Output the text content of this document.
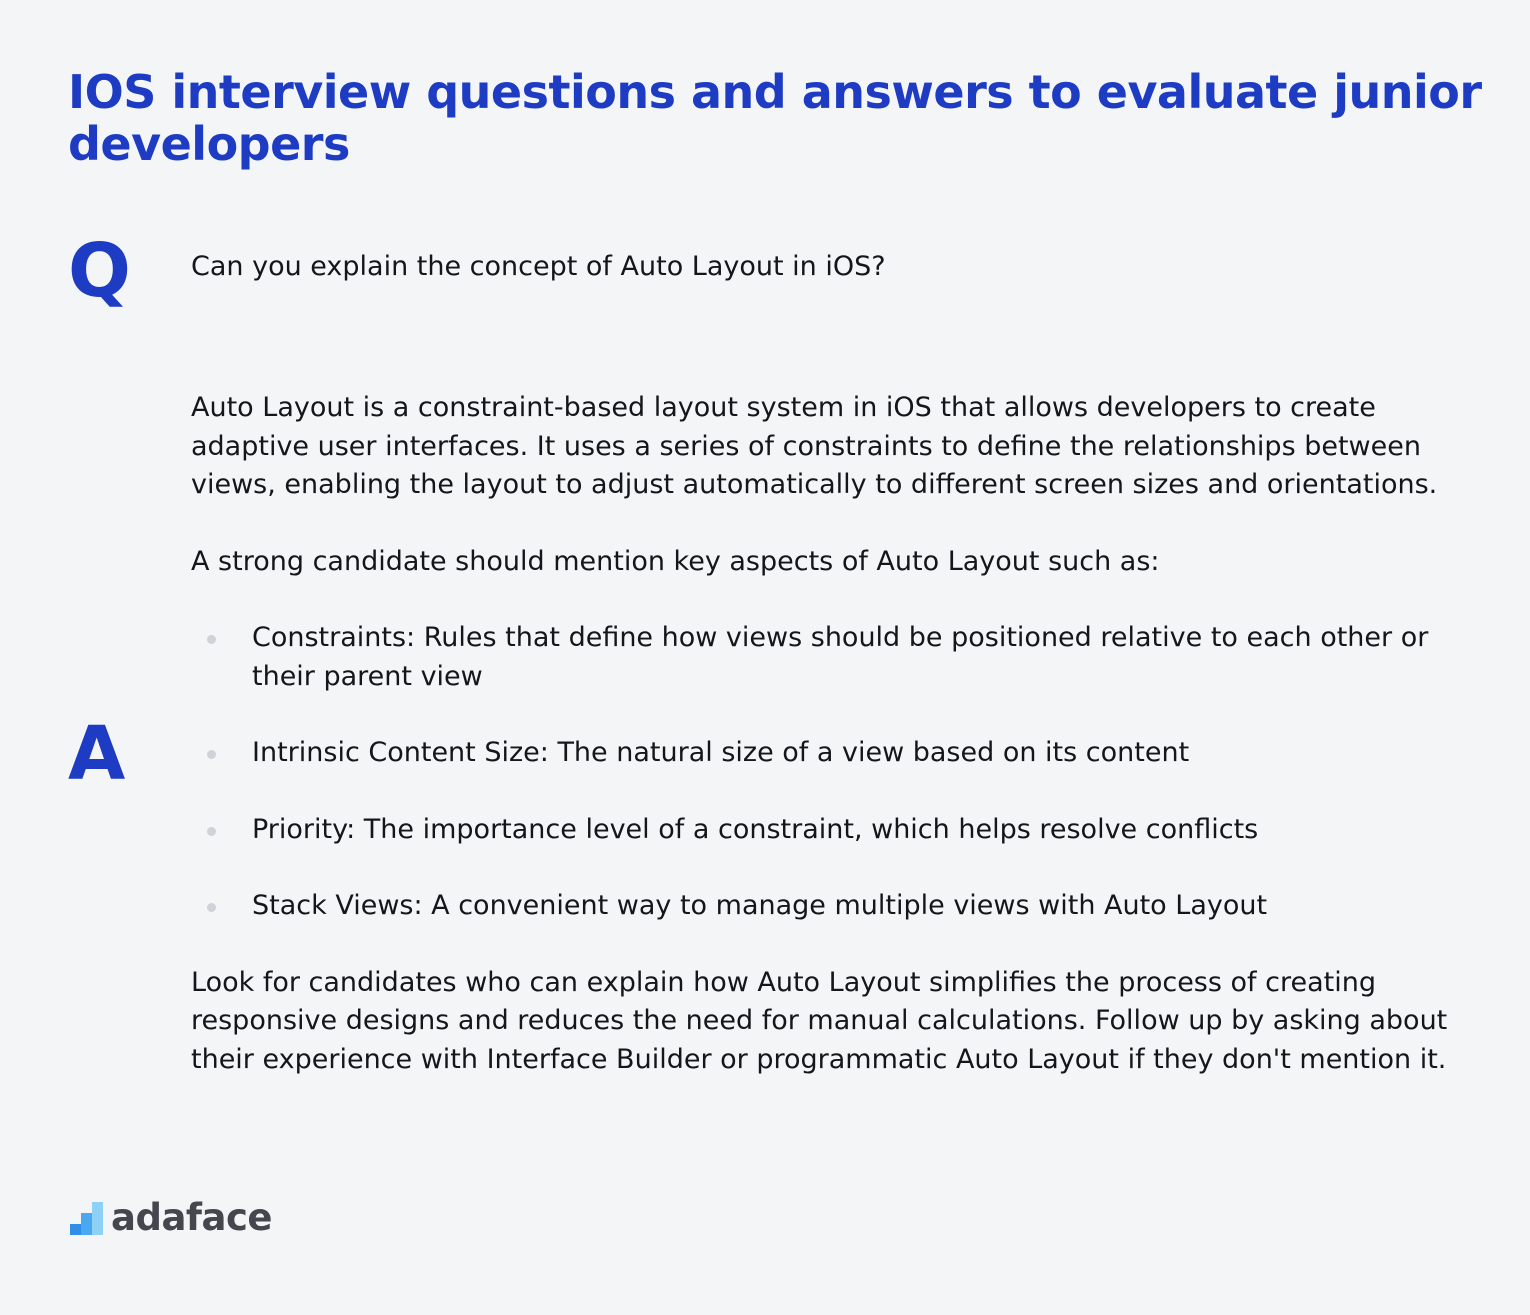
IOS interview questions and answers to evaluate junior developers
Q Can you explain the concept of Auto Layout in iOS?
A

Auto Layout is a constraint-based layout system in iOS that allows developers to create adaptive user interfaces. It uses a series of constraints to define the relationships between views, enabling the layout to adjust automatically to different screen sizes and orientations.

A strong candidate should mention key aspects of Auto Layout such as:

Constraints: Rules that define how views should be positioned relative to each other or their parent view
Intrinsic Content Size: The natural size of a view based on its content
Priority: The importance level of a constraint, which helps resolve conflicts
Stack Views: A convenient way to manage multiple views with Auto Layout

Look for candidates who can explain how Auto Layout simplifies the process of creating responsive designs and reduces the need for manual calculations. Follow up by asking about their experience with Interface Builder or programmatic Auto Layout if they don't mention it.

adaface
